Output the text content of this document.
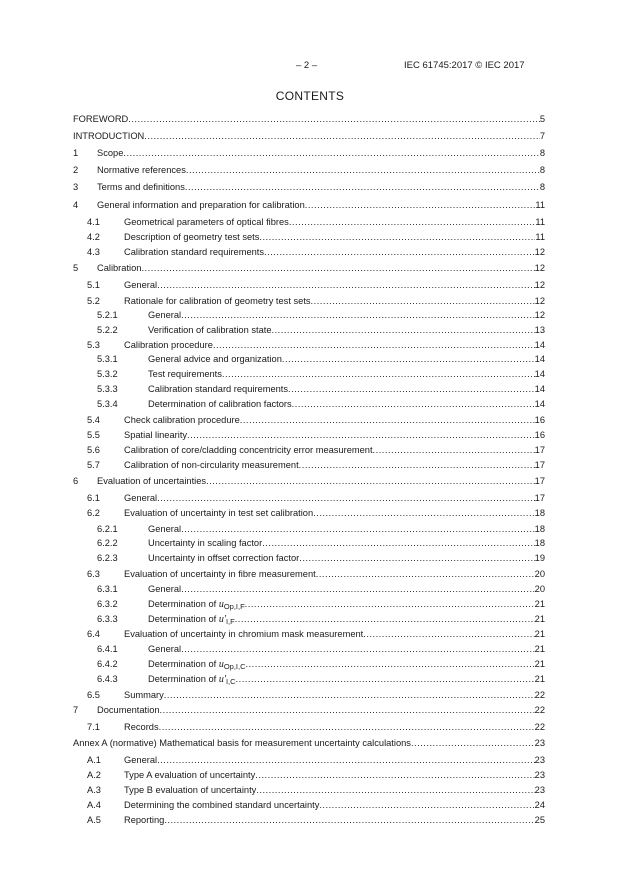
– 2 –	IEC 61745:2017 © IEC 2017
CONTENTS
FOREWORD .....	5
INTRODUCTION .....	7
1 Scope .....	8
2 Normative references .....	8
3 Terms and definitions .....	8
4 General information and preparation for calibration .....	11
4.1	Geometrical parameters of optical fibres .....	11
4.2	Description of geometry test sets .....	11
4.3	Calibration standard requirements .....	12
5 Calibration .....	12
5.1	General .....	12
5.2	Rationale for calibration of geometry test sets .....	12
5.2.1	General .....	12
5.2.2	Verification of calibration state .....	13
5.3	Calibration procedure .....	14
5.3.1	General advice and organization .....	14
5.3.2	Test requirements .....	14
5.3.3	Calibration standard requirements .....	14
5.3.4	Determination of calibration factors .....	14
5.4	Check calibration procedure .....	16
5.5	Spatial linearity .....	16
5.6	Calibration of core/cladding concentricity error measurement .....	17
5.7	Calibration of non-circularity measurement .....	17
6 Evaluation of uncertainties .....	17
6.1	General .....	17
6.2	Evaluation of uncertainty in test set calibration .....	18
6.2.1	General .....	18
6.2.2	Uncertainty in scaling factor .....	18
6.2.3	Uncertainty in offset correction factor .....	19
6.3	Evaluation of uncertainty in fibre measurement .....	20
6.3.1	General .....	20
6.3.2	Determination of $u_{Op,I,F}$ .....	21
6.3.3	Determination of $u'_{I,F}$ .....	21
6.4	Evaluation of uncertainty in chromium mask measurement .....	21
6.4.1	General .....	21
6.4.2	Determination of $u_{Op,I,C}$ .....	21
6.4.3	Determination of $u'_{I,C}$ .....	21
6.5	Summary .....	22
7 Documentation .....	22
7.1	Records .....	22
Annex A (normative) Mathematical basis for measurement uncertainty calculations .....	23
A.1 General .....	23
A.2 Type A evaluation of uncertainty .....	23
A.3 Type B evaluation of uncertainty .....	23
A.4 Determining the combined standard uncertainty .....	24
A.5 Reporting .....	25
